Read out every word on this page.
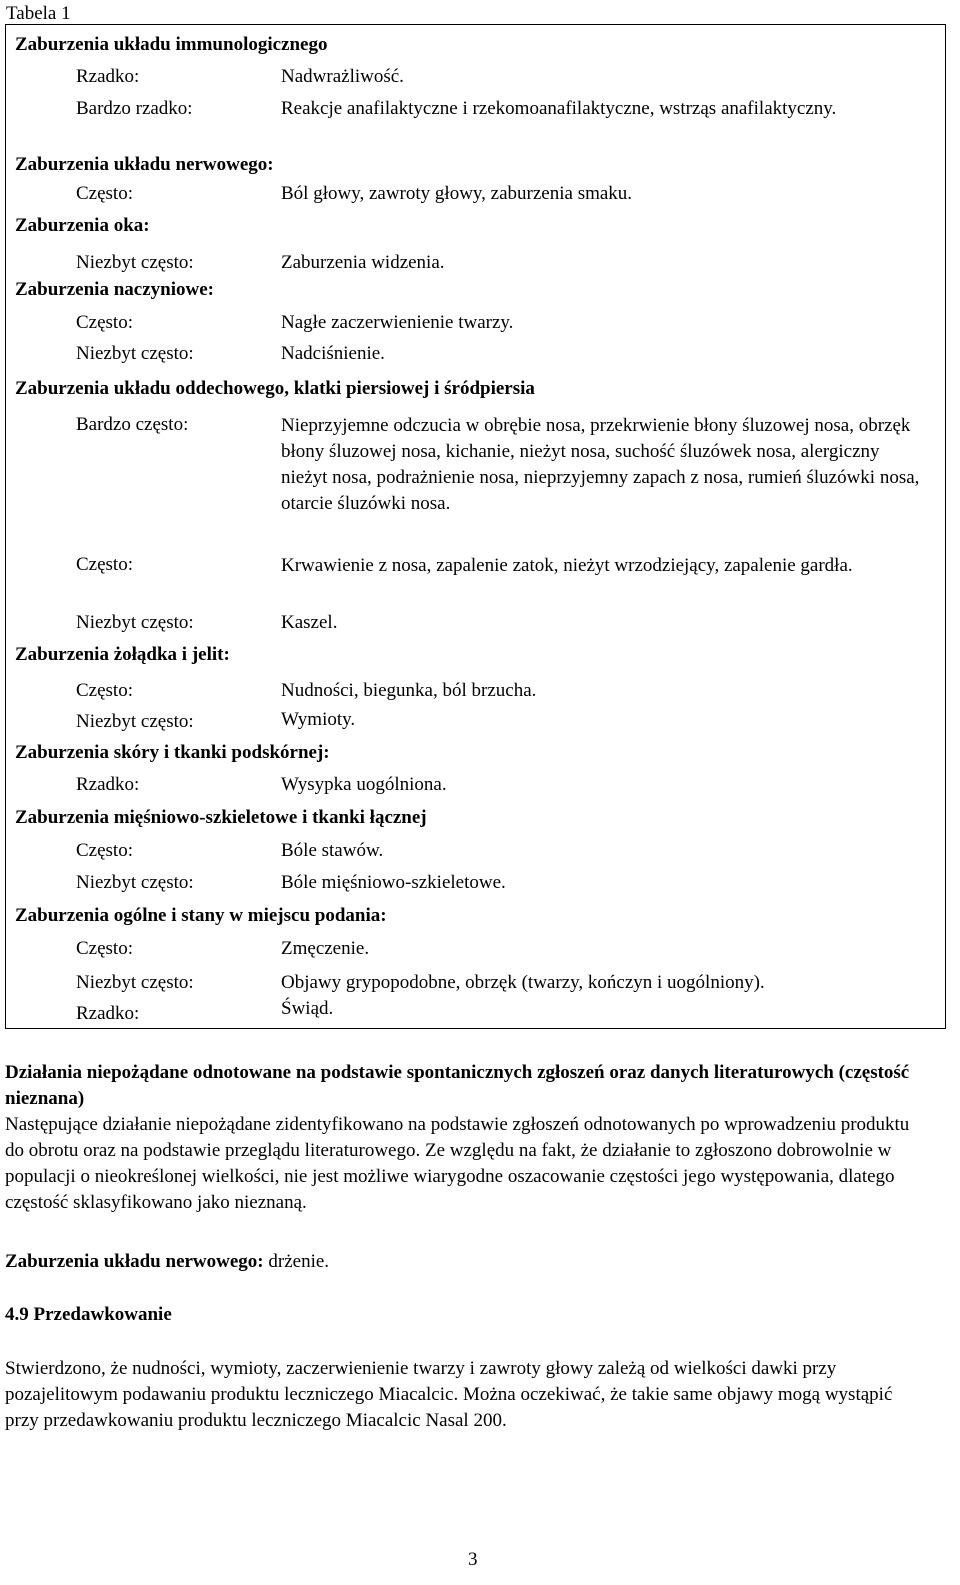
Tabela 1
Zaburzenia układu immunologicznego
Rzadko:	Nadwrażliwość.
Bardzo rzadko:	Reakcje anafilaktyczne i rzekomoanafilaktyczne, wstrząs anafilaktyczny.
Zaburzenia układu nerwowego:
Często:	Ból głowy, zawroty głowy, zaburzenia smaku.
Zaburzenia oka:
Niezbyt często:	Zaburzenia widzenia.
Zaburzenia naczyniowe:
Często:	Nagłe zaczerwienienie twarzy.
Niezbyt często:	Nadciśnienie.
Zaburzenia układu oddechowego, klatki piersiowej i śródpiersia
Bardzo często:	Nieprzyjemne odczucia w obrębie nosa, przekrwienie błony śluzowej nosa, obrzęk błony śluzowej nosa, kichanie, nieżyt nosa, suchość śluzówek nosa, alergiczny nieżyt nosa, podrażnienie nosa, nieprzyjemny zapach z nosa, rumień śluzówki nosa, otarcie śluzówki nosa.
Często:	Krwawienie z nosa, zapalenie zatok, nieżyt wrzodziejący, zapalenie gardła.
Niezbyt często:	Kaszel.
Zaburzenia żołądka i jelit:
Często:	Nudności, biegunka, ból brzucha.
Niezbyt często:	Wymioty.
Zaburzenia skóry i tkanki podskórnej:
Rzadko:	Wysypka uogólniona.
Zaburzenia mięśniowo-szkieletowe i tkanki łącznej
Często:	Bóle stawów.
Niezbyt często:	Bóle mięśniowo-szkieletowe.
Zaburzenia ogólne i stany w miejscu podania:
Często:	Zmęczenie.
Niezbyt często:	Objawy grypopodobne, obrzęk (twarzy, kończyn i uogólniony).
Rzadko:	Świąd.
Działania niepożądane odnotowane na podstawie spontanicznych zgłoszeń oraz danych literaturowych (częstość nieznana)
Następujące działanie niepożądane zidentyfikowano na podstawie zgłoszeń odnotowanych po wprowadzeniu produktu do obrotu oraz na podstawie przeglądu literaturowego. Ze względu na fakt, że działanie to zgłoszono dobrowolnie w populacji o nieokreślonej wielkości, nie jest możliwe wiarygodne oszacowanie częstości jego występowania, dlatego częstość sklasyfikowano jako nieznaną.
Zaburzenia układu nerwowego: drżenie.
4.9 Przedawkowanie
Stwierdzono, że nudności, wymioty, zaczerwienienie twarzy i zawroty głowy zależą od wielkości dawki przy pozajelitowym podawaniu produktu leczniczego Miacalcic. Można oczekiwać, że takie same objawy mogą wystąpić przy przedawkowaniu produktu leczniczego Miacalcic Nasal 200.
3
